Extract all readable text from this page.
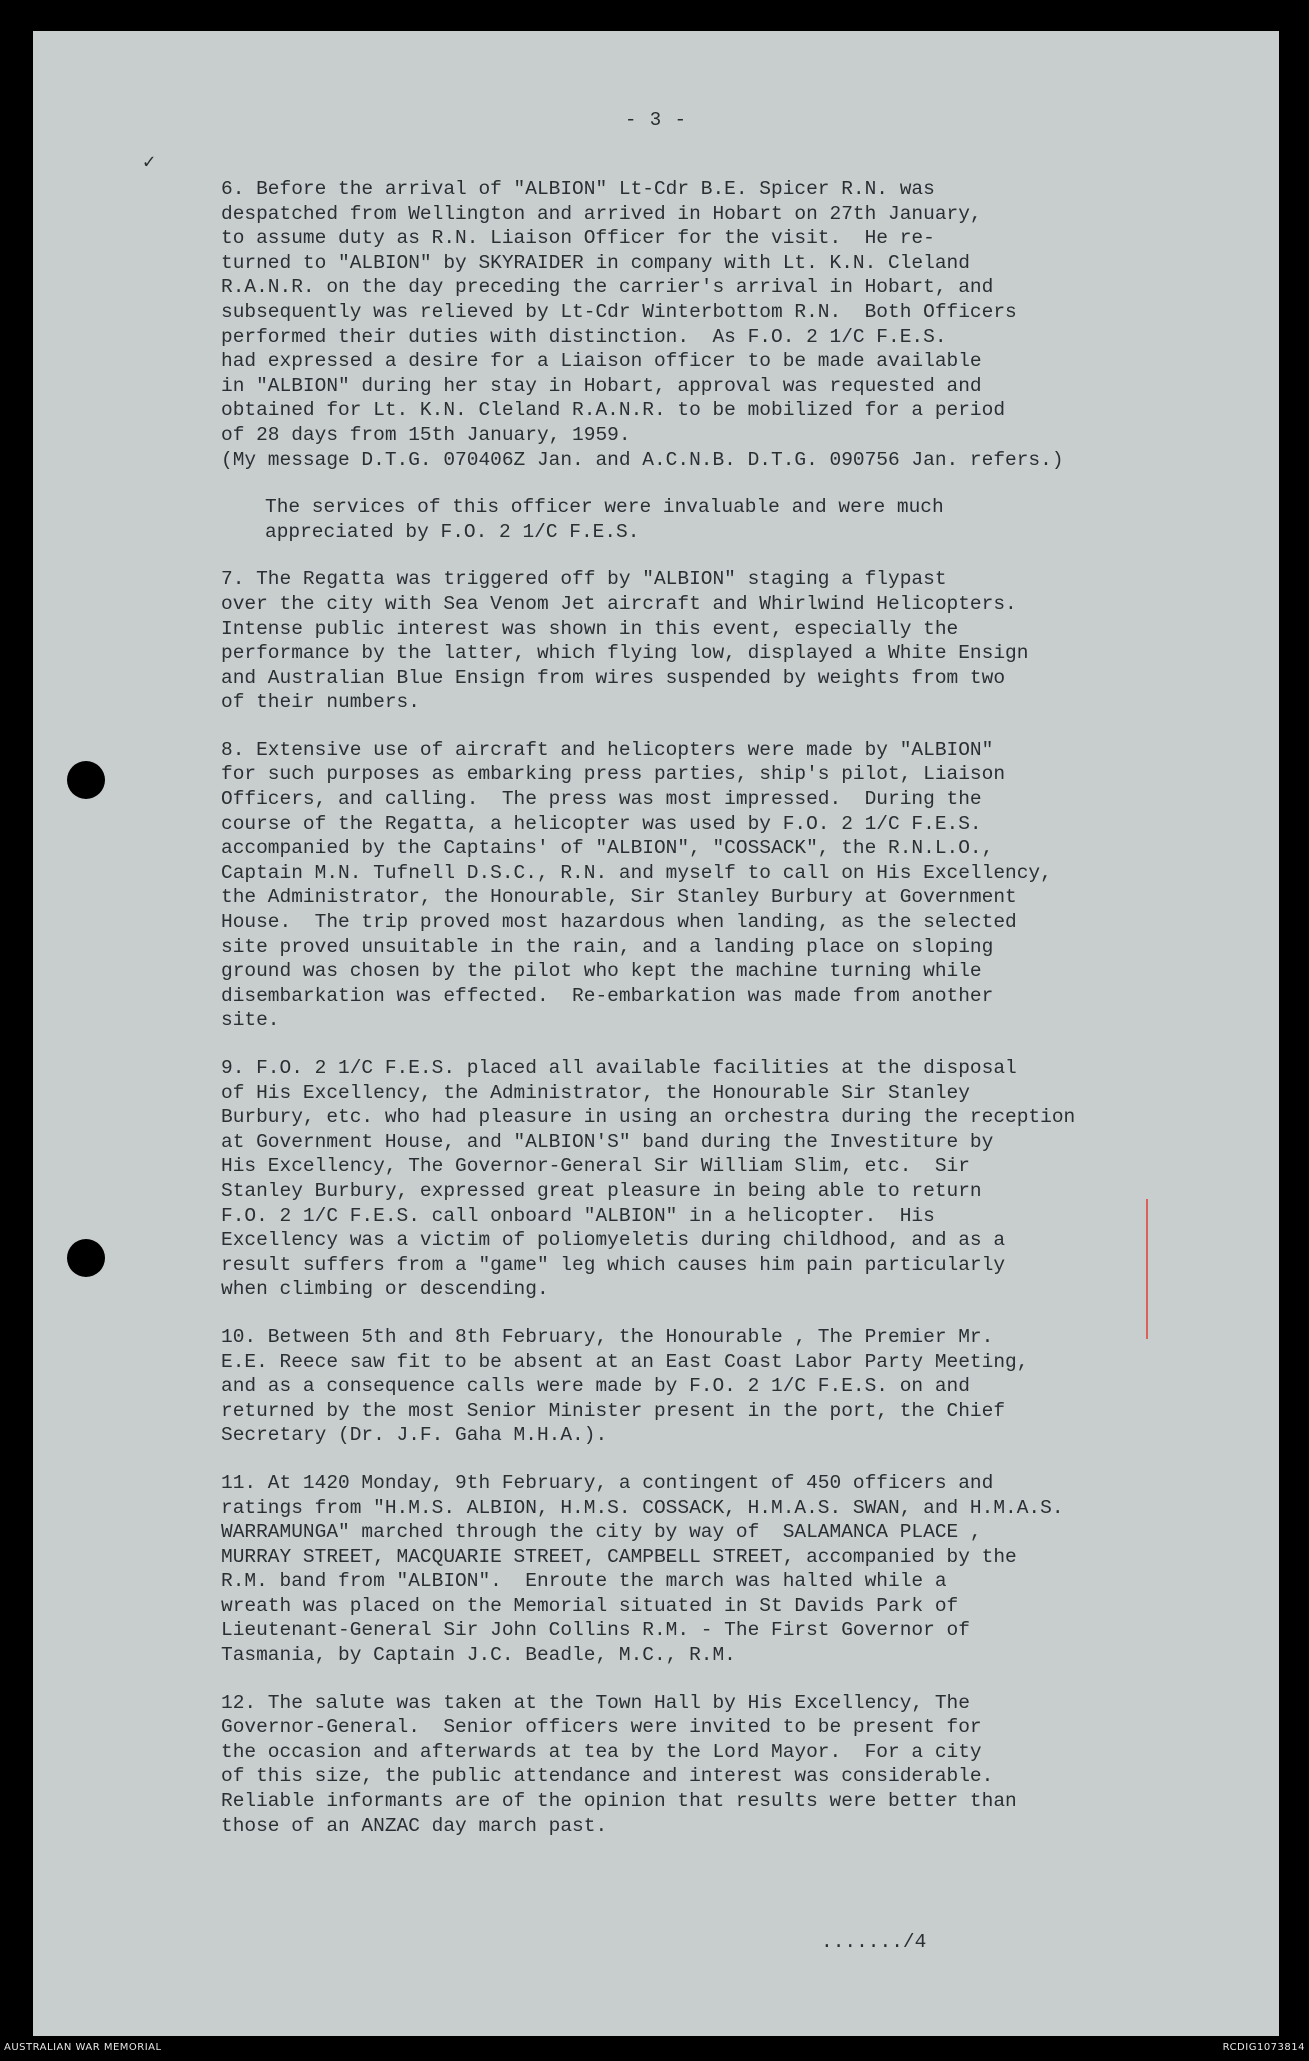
- 3 -
✓
6. Before the arrival of "ALBION" Lt-Cdr B.E. Spicer R.N. was
despatched from Wellington and arrived in Hobart on 27th January,
to assume duty as R.N. Liaison Officer for the visit.  He re-
turned to "ALBION" by SKYRAIDER in company with Lt. K.N. Cleland
R.A.N.R. on the day preceding the carrier's arrival in Hobart, and
subsequently was relieved by Lt-Cdr Winterbottom R.N.  Both Officers
performed their duties with distinction.  As F.O. 2 1/C F.E.S.
had expressed a desire for a Liaison officer to be made available
in "ALBION" during her stay in Hobart, approval was requested and
obtained for Lt. K.N. Cleland R.A.N.R. to be mobilized for a period
of 28 days from 15th January, 1959.
(My message D.T.G. 070406Z Jan. and A.C.N.B. D.T.G. 090756 Jan. refers.)
The services of this officer were invaluable and were much
appreciated by F.O. 2 1/C F.E.S.
7. The Regatta was triggered off by "ALBION" staging a flypast
over the city with Sea Venom Jet aircraft and Whirlwind Helicopters.
Intense public interest was shown in this event, especially the
performance by the latter, which flying low, displayed a White Ensign
and Australian Blue Ensign from wires suspended by weights from two
of their numbers.
8. Extensive use of aircraft and helicopters were made by "ALBION"
for such purposes as embarking press parties, ship's pilot, Liaison
Officers, and calling.  The press was most impressed.  During the
course of the Regatta, a helicopter was used by F.O. 2 1/C F.E.S.
accompanied by the Captains' of "ALBION", "COSSACK", the R.N.L.O.,
Captain M.N. Tufnell D.S.C., R.N. and myself to call on His Excellency,
the Administrator, the Honourable, Sir Stanley Burbury at Government
House.  The trip proved most hazardous when landing, as the selected
site proved unsuitable in the rain, and a landing place on sloping
ground was chosen by the pilot who kept the machine turning while
disembarkation was effected.  Re-embarkation was made from another
site.
9. F.O. 2 1/C F.E.S. placed all available facilities at the disposal
of His Excellency, the Administrator, the Honourable Sir Stanley
Burbury, etc. who had pleasure in using an orchestra during the reception
at Government House, and "ALBION'S" band during the Investiture by
His Excellency, The Governor-General Sir William Slim, etc.  Sir
Stanley Burbury, expressed great pleasure in being able to return
F.O. 2 1/C F.E.S. call onboard "ALBION" in a helicopter.  His
Excellency was a victim of poliomyeletis during childhood, and as a
result suffers from a "game" leg which causes him pain particularly
when climbing or descending.
10. Between 5th and 8th February, the Honourable , The Premier Mr.
E.E. Reece saw fit to be absent at an East Coast Labor Party Meeting,
and as a consequence calls were made by F.O. 2 1/C F.E.S. on and
returned by the most Senior Minister present in the port, the Chief
Secretary (Dr. J.F. Gaha M.H.A.).
11. At 1420 Monday, 9th February, a contingent of 450 officers and
ratings from "H.M.S. ALBION, H.M.S. COSSACK, H.M.A.S. SWAN, and H.M.A.S.
WARRAMUNGA" marched through the city by way of  SALAMANCA PLACE ,
MURRAY STREET, MACQUARIE STREET, CAMPBELL STREET, accompanied by the
R.M. band from "ALBION".  Enroute the march was halted while a
wreath was placed on the Memorial situated in St Davids Park of
Lieutenant-General Sir John Collins R.M. - The First Governor of
Tasmania, by Captain J.C. Beadle, M.C., R.M.
12. The salute was taken at the Town Hall by His Excellency, The
Governor-General.  Senior officers were invited to be present for
the occasion and afterwards at tea by the Lord Mayor.  For a city
of this size, the public attendance and interest was considerable.
Reliable informants are of the opinion that results were better than
those of an ANZAC day march past.
......./4
AUSTRALIAN WAR MEMORIAL	RCDIG1073814
